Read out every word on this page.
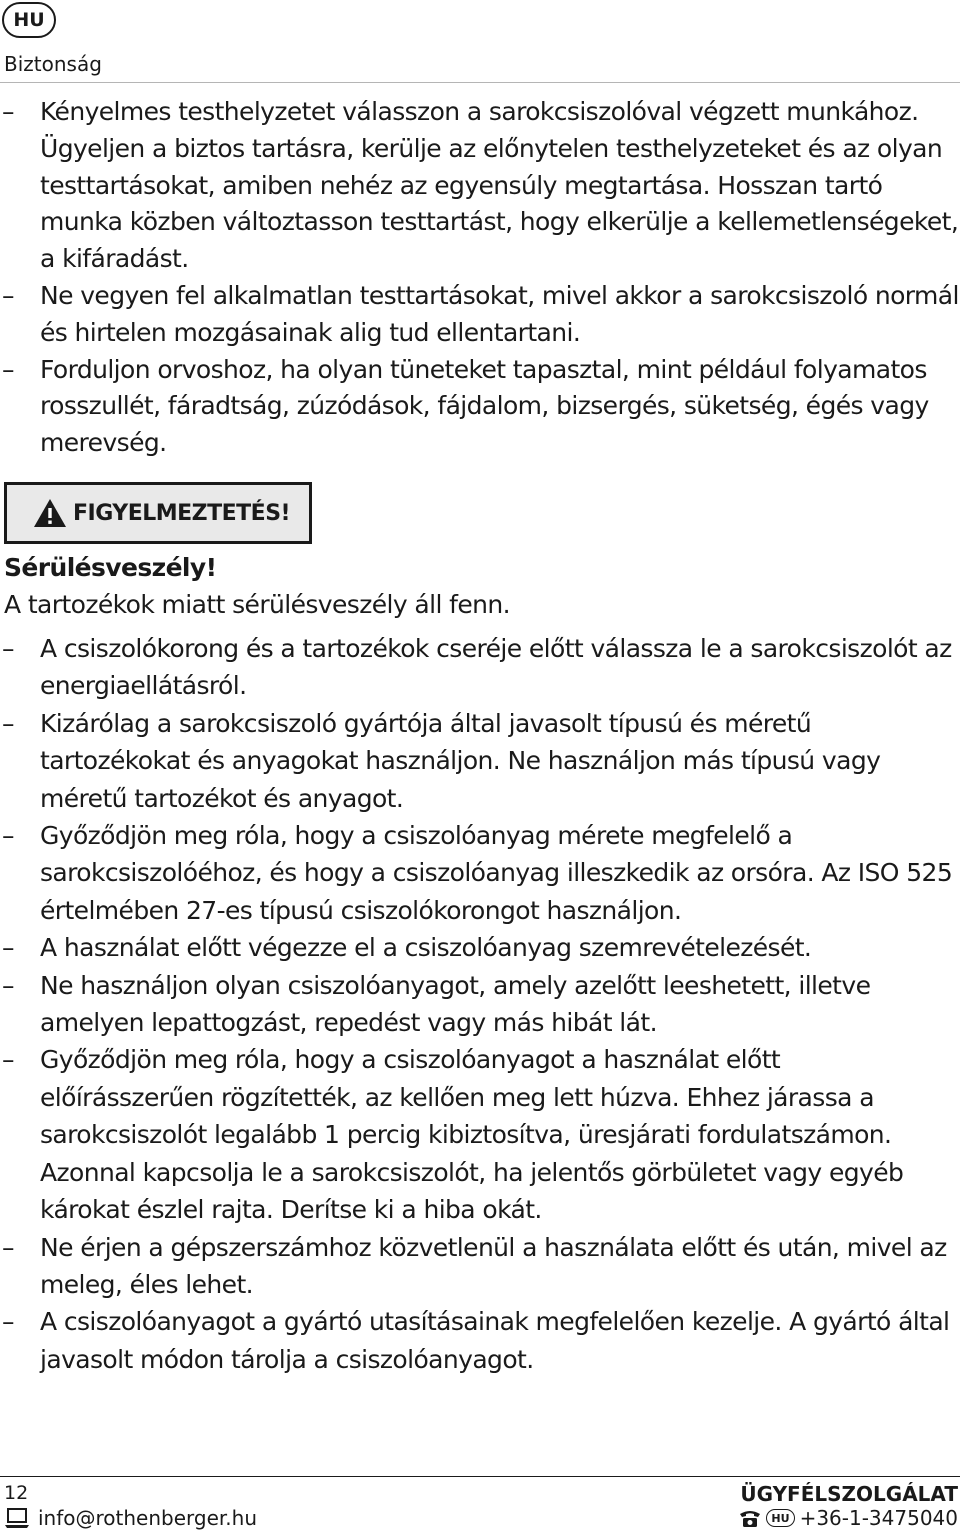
HU
Biztonság
– Kényelmes testhelyzetet válasszon a sarokcsiszolóval végzett munkához. Ügyeljen a biztos tartásra, kerülje az előnytelen testhelyzeteket és az olyan testtartásokat, amiben nehéz az egyensúly megtartása. Hosszan tartó munka közben változtasson testtartást, hogy elkerülje a kellemetlenségeket, a kifáradást.
– Ne vegyen fel alkalmatlan testtartásokat, mivel akkor a sarokcsiszoló normál és hirtelen mozgásainak alig tud ellentartani.
– Forduljon orvoshoz, ha olyan tüneteket tapasztal, mint például folyamatos rosszullét, fáradtság, zúzódások, fájdalom, bizsergés, süketség, égés vagy merevség.
FIGYELMEZTETÉS!
Sérülésveszély!
A tartozékok miatt sérülésveszély áll fenn.
– A csiszolókorong és a tartozékok cseréje előtt válassza le a sarokcsiszolót az energiaellátásról.
– Kizárólag a sarokcsiszoló gyártója által javasolt típusú és méretű tartozékokat és anyagokat használjon. Ne használjon más típusú vagy méretű tartozékot és anyagot.
– Győződjön meg róla, hogy a csiszolóanyag mérete megfelelő a sarokcsiszolóéhoz, és hogy a csiszolóanyag illeszkedik az orsóra. Az ISO 525 értelmében 27-es típusú csiszolókorongot használjon.
– A használat előtt végezze el a csiszolóanyag szemrevételezését.
– Ne használjon olyan csiszolóanyagot, amely azelőtt leeshetett, illetve amelyen lepattogzást, repedést vagy más hibát lát.
– Győződjön meg róla, hogy a csiszolóanyagot a használat előtt előírásszerűen rögzítették, az kellően meg lett húzva. Ehhez járassa a sarokcsiszolót legalább 1 percig kibiztosítva, üresjárati fordulatszámon. Azonnal kapcsolja le a sarokcsiszolót, ha jelentős görbületet vagy egyéb károkat észlel rajta. Derítse ki a hiba okát.
– Ne érjen a gépszerszámhoz közvetlenül a használata előtt és után, mivel az meleg, éles lehet.
– A csiszolóanyagot a gyártó utasításainak megfelelően kezelje. A gyártó által javasolt módon tárolja a csiszolóanyagot.
12
info@rothenberger.hu
ÜGYFÉLSZOLGÁLAT
HU +36-1-3475040
